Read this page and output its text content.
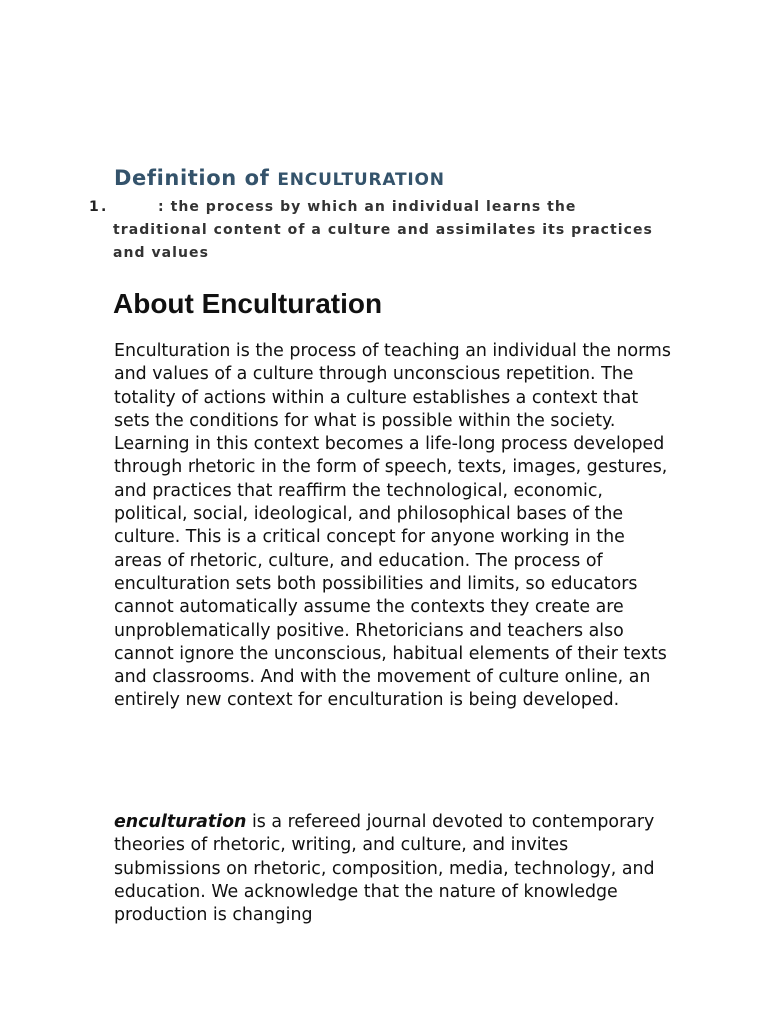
Definition of ENCULTURATION
1.	: the process by which an individual learns the traditional content of a culture and assimilates its practices and values

About Enculturation

Enculturation is the process of teaching an individual the norms and values of a culture through unconscious repetition. The totality of actions within a culture establishes a context that sets the conditions for what is possible within the society. Learning in this context becomes a life-long process developed through rhetoric in the form of speech, texts, images, gestures, and practices that reaffirm the technological, economic, political, social, ideological, and philosophical bases of the culture. This is a critical concept for anyone working in the areas of rhetoric, culture, and education. The process of enculturation sets both possibilities and limits, so educators cannot automatically assume the contexts they create are unproblematically positive. Rhetoricians and teachers also cannot ignore the unconscious, habitual elements of their texts and classrooms. And with the movement of culture online, an entirely new context for enculturation is being developed.

enculturation is a refereed journal devoted to contemporary theories of rhetoric, writing, and culture, and invites submissions on rhetoric, composition, media, technology, and education. We acknowledge that the nature of knowledge production is changing
